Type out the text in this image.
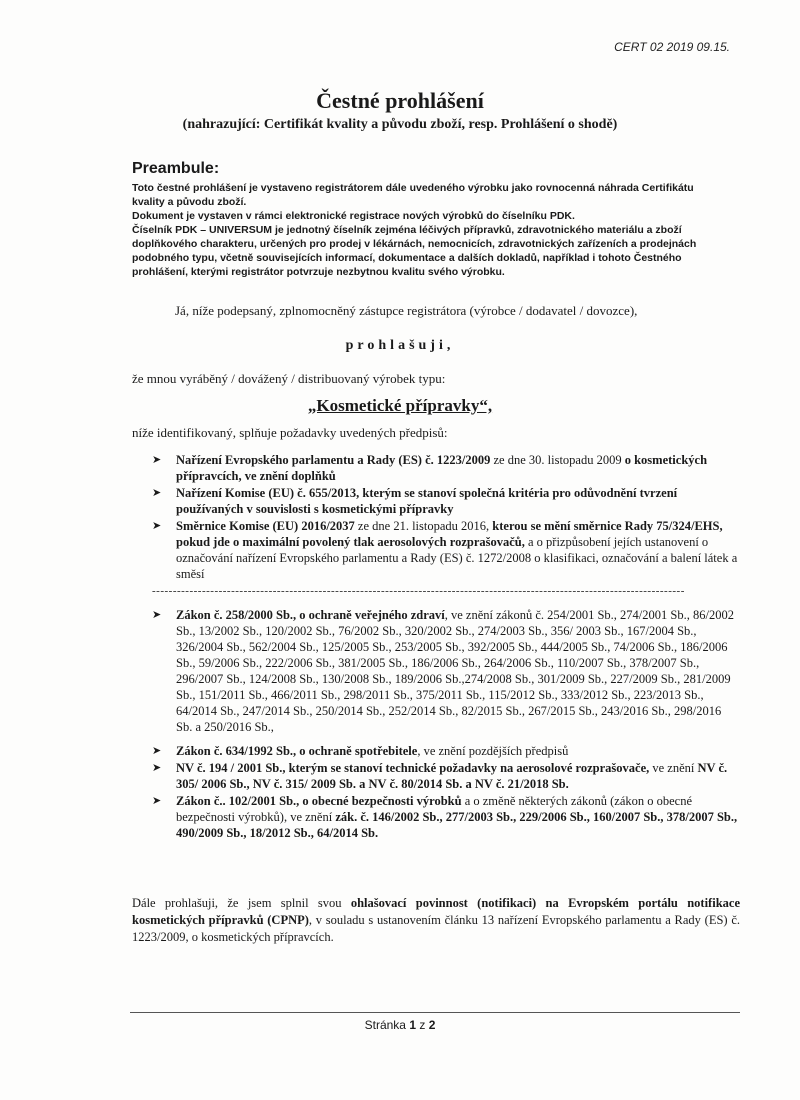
CERT 02 2019 09.15.
Čestné prohlášení
(nahrazující: Certifikát kvality a původu zboží, resp. Prohlášení o shodě)
Preambule:

Toto čestné prohlášení je vystaveno registrátorem dále uvedeného výrobku jako rovnocenná náhrada Certifikátu kvality a původu zboží.

Dokument je vystaven v rámci elektronické registrace nových výrobků do číselníku PDK.

Číselník PDK – UNIVERSUM je jednotný číselník zejména léčivých přípravků, zdravotnického materiálu a zboží doplňkového charakteru, určených pro prodej v lékárnách, nemocnicích, zdravotnických zařízeních a prodejnách podobného typu, včetně souvisejících informací, dokumentace a dalších dokladů, například i tohoto Čestného prohlášení, kterými registrátor potvrzuje nezbytnou kvalitu svého výrobku.

Já, níže podepsaný, zplnomocněný zástupce registrátora (výrobce / dodavatel / dovozce),
prohlašuji,
že mnou vyráběný / dovážený / distribuovaný výrobek typu:
„Kosmetické přípravky“,
níže identifikovaný, splňuje požadavky uvedených předpisů:
➤ Nařízení Evropského parlamentu a Rady (ES) č. 1223/2009 ze dne 30. listopadu 2009 o kosmetických přípravcích, ve znění doplňků
➤ Nařízení Komise (EU) č. 655/2013, kterým se stanoví společná kritéria pro odůvodnění tvrzení používaných v souvislosti s kosmetickými přípravky
➤ Směrnice Komise (EU) 2016/2037 ze dne 21. listopadu 2016, kterou se mění směrnice Rady 75/324/EHS, pokud jde o maximální povolený tlak aerosolových rozprašovačů, a o přizpůsobení jejích ustanovení o označování nařízení Evropského parlamentu a Rady (ES) č. 1272/2008 o klasifikaci, označování a balení látek a směsí
--------------------------------------------------------------------------------------------------------------------------------
➤ Zákon č. 258/2000 Sb., o ochraně veřejného zdraví, ve znění zákonů č. 254/2001 Sb., 274/2001 Sb., 86/2002 Sb., 13/2002 Sb., 120/2002 Sb., 76/2002 Sb., 320/2002 Sb., 274/2003 Sb., 356/ 2003 Sb., 167/2004 Sb., 326/2004 Sb., 562/2004 Sb., 125/2005 Sb., 253/2005 Sb., 392/2005 Sb., 444/2005 Sb., 74/2006 Sb., 186/2006 Sb., 59/2006 Sb., 222/2006 Sb., 381/2005 Sb., 186/2006 Sb., 264/2006 Sb., 110/2007 Sb., 378/2007 Sb., 296/2007 Sb., 124/2008 Sb., 130/2008 Sb., 189/2006 Sb.,274/2008 Sb., 301/2009 Sb., 227/2009 Sb., 281/2009 Sb., 151/2011 Sb., 466/2011 Sb., 298/2011 Sb., 375/2011 Sb., 115/2012 Sb., 333/2012 Sb., 223/2013 Sb., 64/2014 Sb., 247/2014 Sb., 250/2014 Sb., 252/2014 Sb., 82/2015 Sb., 267/2015 Sb., 243/2016 Sb., 298/2016 Sb. a 250/2016 Sb.,
➤ Zákon č. 634/1992 Sb., o ochraně spotřebitele, ve znění pozdějších předpisů
➤ NV č. 194 / 2001 Sb., kterým se stanoví technické požadavky na aerosolové rozprašovače, ve znění NV č. 305/ 2006 Sb., NV č. 315/ 2009 Sb. a NV č. 80/2014 Sb. a NV č. 21/2018 Sb.
➤ Zákon č.. 102/2001 Sb., o obecné bezpečnosti výrobků a o změně některých zákonů (zákon o obecné bezpečnosti výrobků), ve znění zák. č. 146/2002 Sb., 277/2003 Sb., 229/2006 Sb., 160/2007 Sb., 378/2007 Sb., 490/2009 Sb., 18/2012 Sb., 64/2014 Sb.
Dále prohlašuji, že jsem splnil svou ohlašovací povinnost (notifikaci) na Evropském portálu notifikace kosmetických přípravků (CPNP), v souladu s ustanovením článku 13 nařízení Evropského parlamentu a Rady (ES) č. 1223/2009, o kosmetických přípravcích.
Stránka 1 z 2
